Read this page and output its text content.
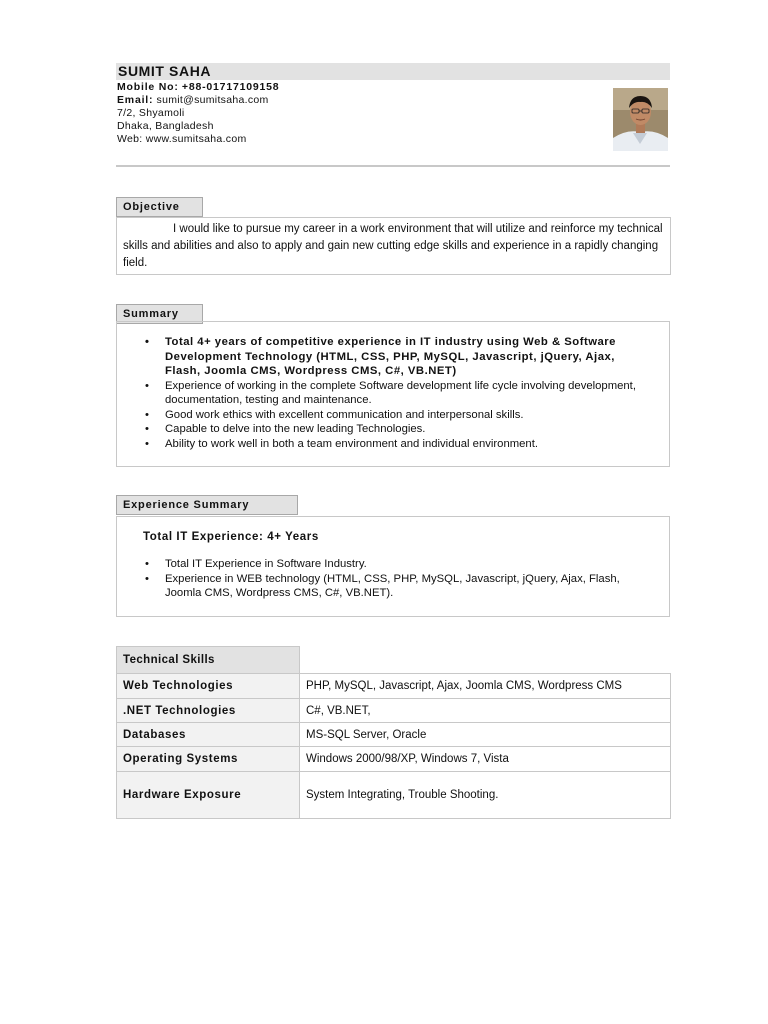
SUMIT SAHA
Mobile No: +88-01717109158
Email: sumit@sumitsaha.com
7/2, Shyamoli
Dhaka, Bangladesh
Web: www.sumitsaha.com
Objective

I would like to pursue my career in a work environment that will utilize and reinforce my technical skills and abilities and also to apply and gain new cutting edge skills and experience in a rapidly changing field.

Summary
• Total 4+ years of competitive experience in IT industry using Web & Software Development Technology (HTML, CSS, PHP, MySQL, Javascript, jQuery, Ajax, Flash, Joomla CMS, Wordpress CMS, C#, VB.NET)
• Experience of working in the complete Software development life cycle involving development, documentation, testing and maintenance.
• Good work ethics with excellent communication and interpersonal skills.
• Capable to delve into the new leading Technologies.
• Ability to work well in both a team environment and individual environment.
Experience Summary
Total IT Experience: 4+ Years
• Total IT Experience in Software Industry.
• Experience in WEB technology (HTML, CSS, PHP, MySQL, Javascript, jQuery, Ajax, Flash, Joomla CMS, Wordpress CMS, C#, VB.NET).
Technical Skills	
Web Technologies	PHP, MySQL, Javascript, Ajax, Joomla CMS, Wordpress CMS
.NET Technologies	C#, VB.NET,
Databases	MS-SQL Server, Oracle
Operating Systems	Windows 2000/98/XP, Windows 7, Vista
Hardware Exposure	System Integrating, Trouble Shooting.
